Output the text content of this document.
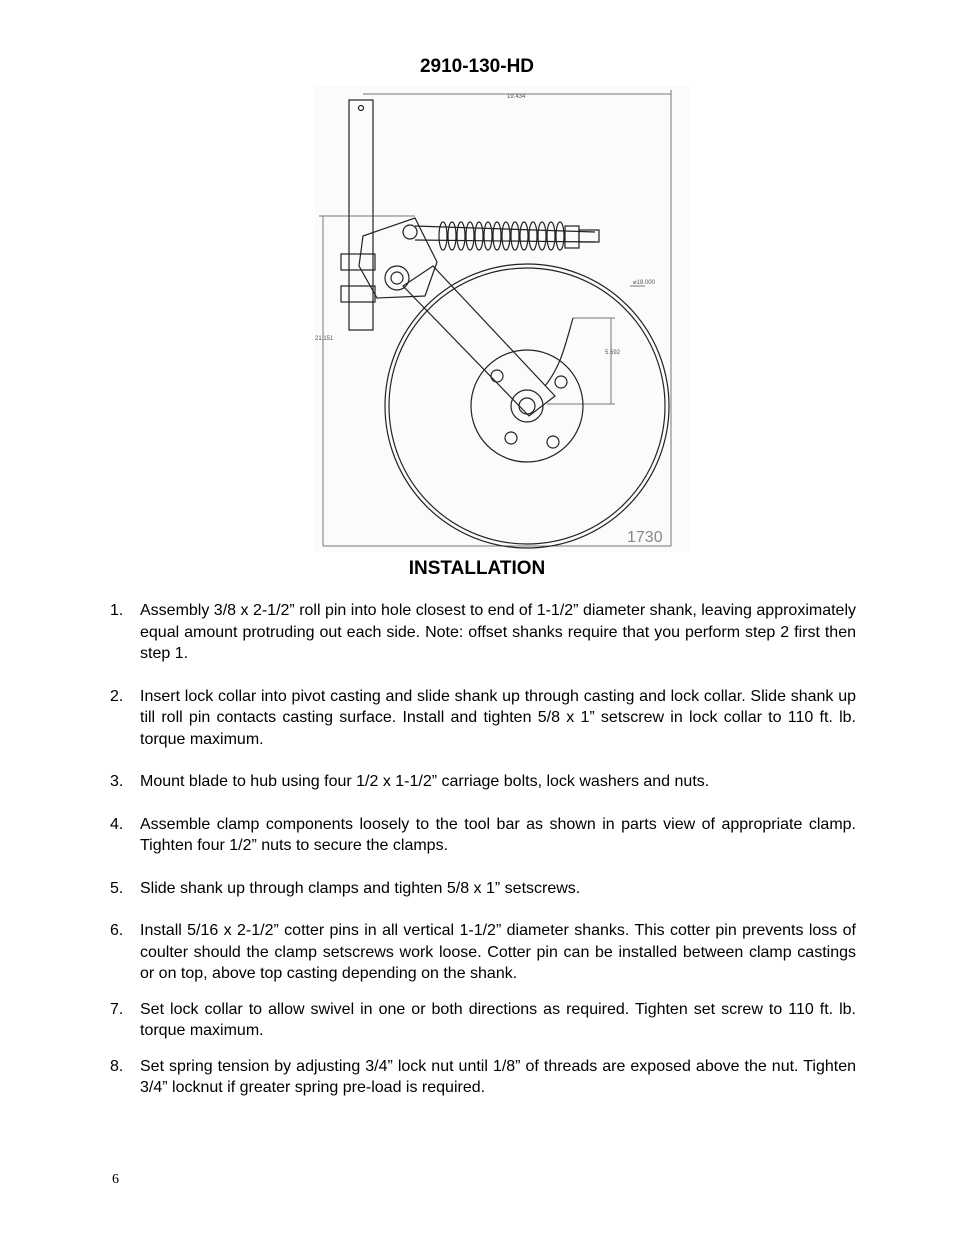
2910-130-HD
19.434
21.151
⌀18.000
5.592
1730
INSTALLATION
1. Assembly 3/8 x 2-1/2” roll pin into hole closest to end of 1-1/2” diameter shank, leaving approximately equal amount protruding out each side. Note: offset shanks require that you perform step 2 first then step 1.
2. Insert lock collar into pivot casting and slide shank up through casting and lock collar. Slide shank up till roll pin contacts casting surface. Install and tighten 5/8 x 1” setscrew in lock collar to 110 ft. lb. torque maximum.
3. Mount blade to hub using four 1/2 x 1-1/2” carriage bolts, lock washers and nuts.
4. Assemble clamp components loosely to the tool bar as shown in parts view of appropriate clamp. Tighten four 1/2” nuts to secure the clamps.
5. Slide shank up through clamps and tighten 5/8 x 1” setscrews.
6. Install 5/16 x 2-1/2” cotter pins in all vertical 1-1/2” diameter shanks. This cotter pin prevents loss of coulter should the clamp setscrews work loose. Cotter pin can be installed between clamp castings or on top, above top casting depending on the shank.
7. Set lock collar to allow swivel in one or both directions as required. Tighten set screw to 110 ft. lb. torque maximum.
8. Set spring tension by adjusting 3/4” lock nut until 1/8” of threads are exposed above the nut. Tighten 3/4” locknut if greater spring pre-load is required.
6
